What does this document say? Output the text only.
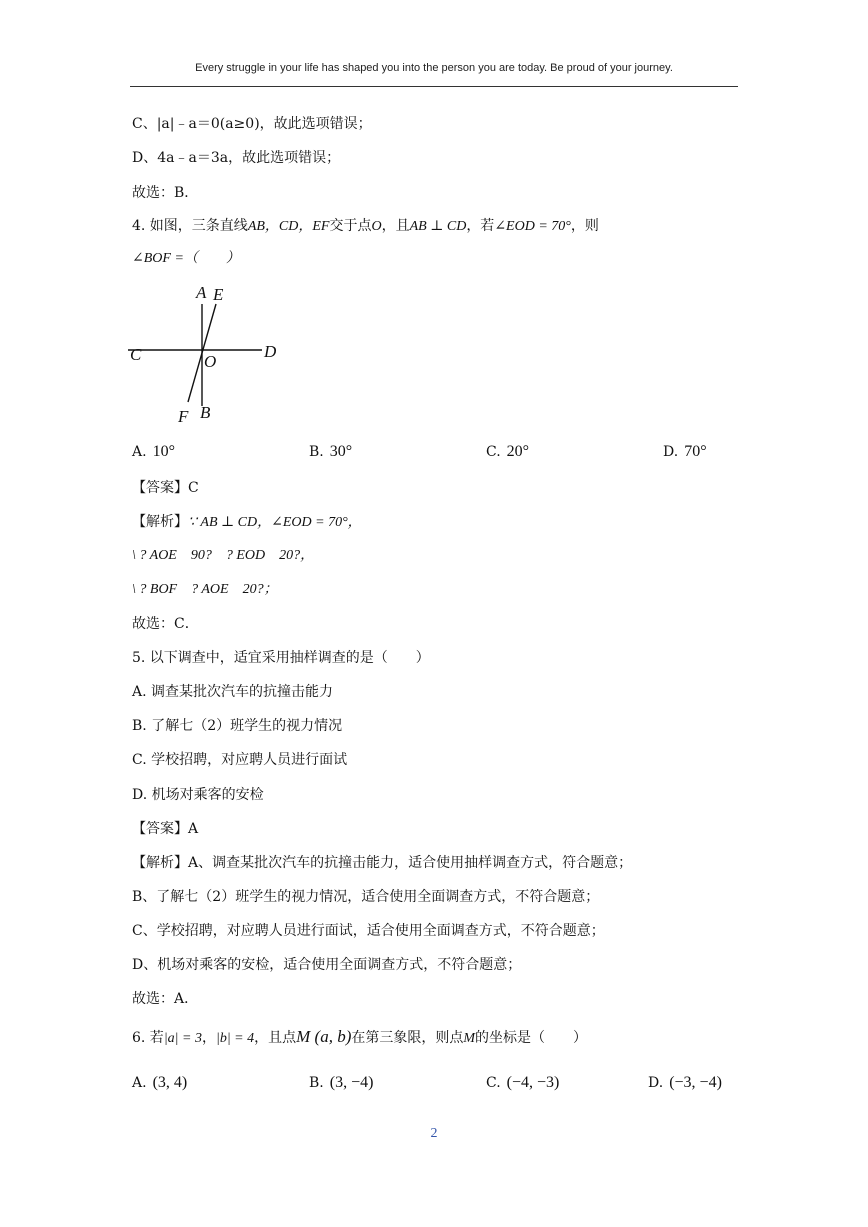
Every struggle in your life has shaped you into the person you are today. Be proud of your journey.
C、|a|﹣a＝0(a≥0)，故此选项错误；
D、4a﹣a＝3a，故此选项错误；
故选：B．
4. 如图，三条直线AB，CD，EF交于点O，且AB ⊥ CD，若∠EOD = 70°，则
∠BOF =（　　）
A E
C	D
O
F B
A. 10°	B. 30°	C. 20°	D. 70°
【答案】C
【解析】∵ AB ⊥ CD，∠EOD = 70°，
\ ? AOE　90?　? EOD　20?，
\ ? BOF　? AOE　20?；
故选：C．
5. 以下调查中，适宜采用抽样调查的是（　　）
A. 调查某批次汽车的抗撞击能力
B. 了解七（2）班学生的视力情况
C. 学校招聘，对应聘人员进行面试
D. 机场对乘客的安检
【答案】A
【解析】A、调查某批次汽车的抗撞击能力，适合使用抽样调查方式，符合题意；
B、了解七（2）班学生的视力情况，适合使用全面调查方式，不符合题意；
C、学校招聘，对应聘人员进行面试，适合使用全面调查方式，不符合题意；
D、机场对乘客的安检，适合使用全面调查方式，不符合题意；
故选：A．
6. 若|a| = 3，|b| = 4，且点M (a, b)在第三象限，则点M的坐标是（　　）
A. (3, 4)	B. (3, −4)	C. (−4, −3)	D. (−3, −4)
2
